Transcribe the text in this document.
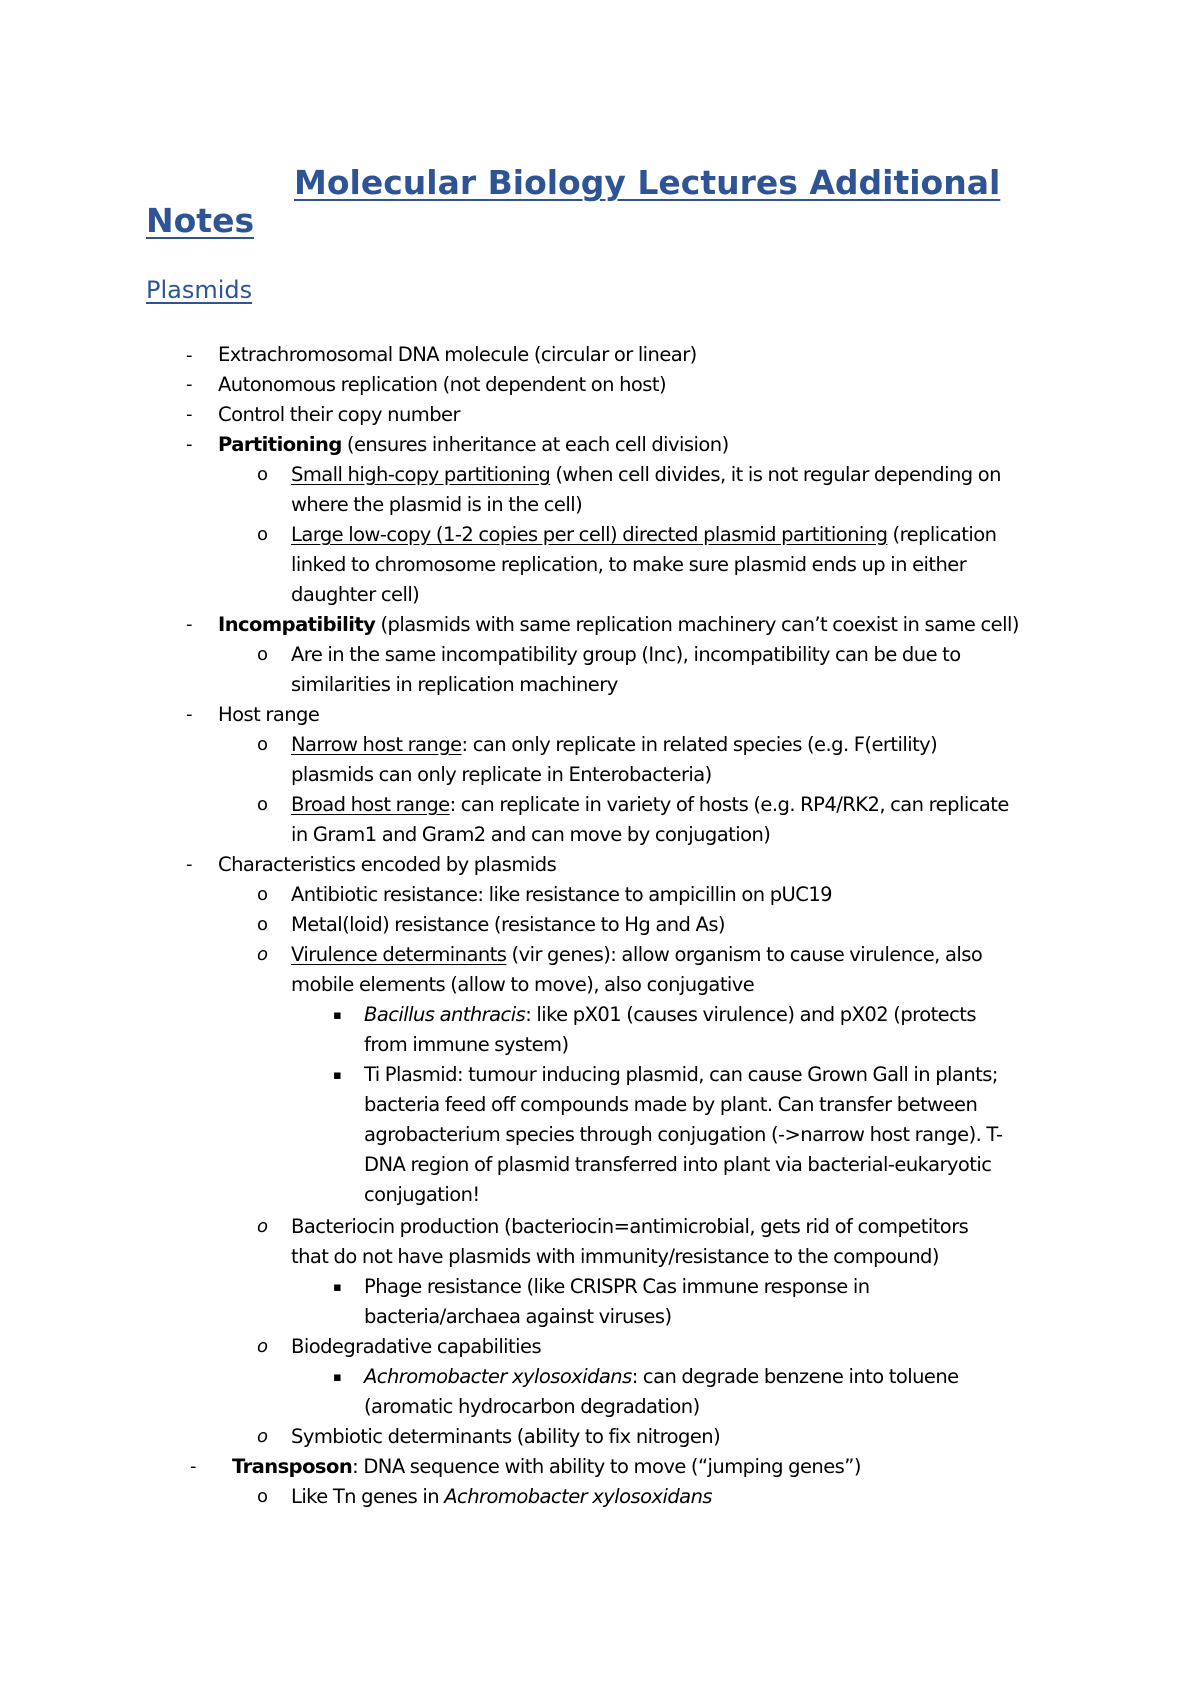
Molecular Biology Lectures Additional Notes
Plasmids
-
-
-
-
-
-
-
-
o
o
o
o
o
o
o
o
o
o
o
o
▪
▪
▪
▪
Extrachromosomal DNA molecule (circular or linear)
Autonomous replication (not dependent on host)
Control their copy number
Partitioning (ensures inheritance at each cell division)
Small high-copy partitioning (when cell divides, it is not regular depending on
where the plasmid is in the cell)
Large low-copy (1-2 copies per cell) directed plasmid partitioning (replication
linked to chromosome replication, to make sure plasmid ends up in either
daughter cell)
Incompatibility (plasmids with same replication machinery can’t coexist in same cell)
Are in the same incompatibility group (Inc), incompatibility can be due to
similarities in replication machinery
Host range
Narrow host range: can only replicate in related species (e.g. F(ertility)
plasmids can only replicate in Enterobacteria)
Broad host range: can replicate in variety of hosts (e.g. RP4/RK2, can replicate
in Gram1 and Gram2 and can move by conjugation)
Characteristics encoded by plasmids
Antibiotic resistance: like resistance to ampicillin on pUC19
Metal(loid) resistance (resistance to Hg and As)
Virulence determinants (vir genes): allow organism to cause virulence, also
mobile elements (allow to move), also conjugative
Bacillus anthracis: like pX01 (causes virulence) and pX02 (protects
from immune system)
Ti Plasmid: tumour inducing plasmid, can cause Grown Gall in plants;
bacteria feed off compounds made by plant. Can transfer between
agrobacterium species through conjugation (->narrow host range). T-
DNA region of plasmid transferred into plant via bacterial-eukaryotic
conjugation!
Bacteriocin production (bacteriocin=antimicrobial, gets rid of competitors
that do not have plasmids with immunity/resistance to the compound)
Phage resistance (like CRISPR Cas immune response in
bacteria/archaea against viruses)
Biodegradative capabilities
Achromobacter xylosoxidans: can degrade benzene into toluene
(aromatic hydrocarbon degradation)
Symbiotic determinants (ability to fix nitrogen)
Transposon: DNA sequence with ability to move (“jumping genes”)
Like Tn genes in Achromobacter xylosoxidans
